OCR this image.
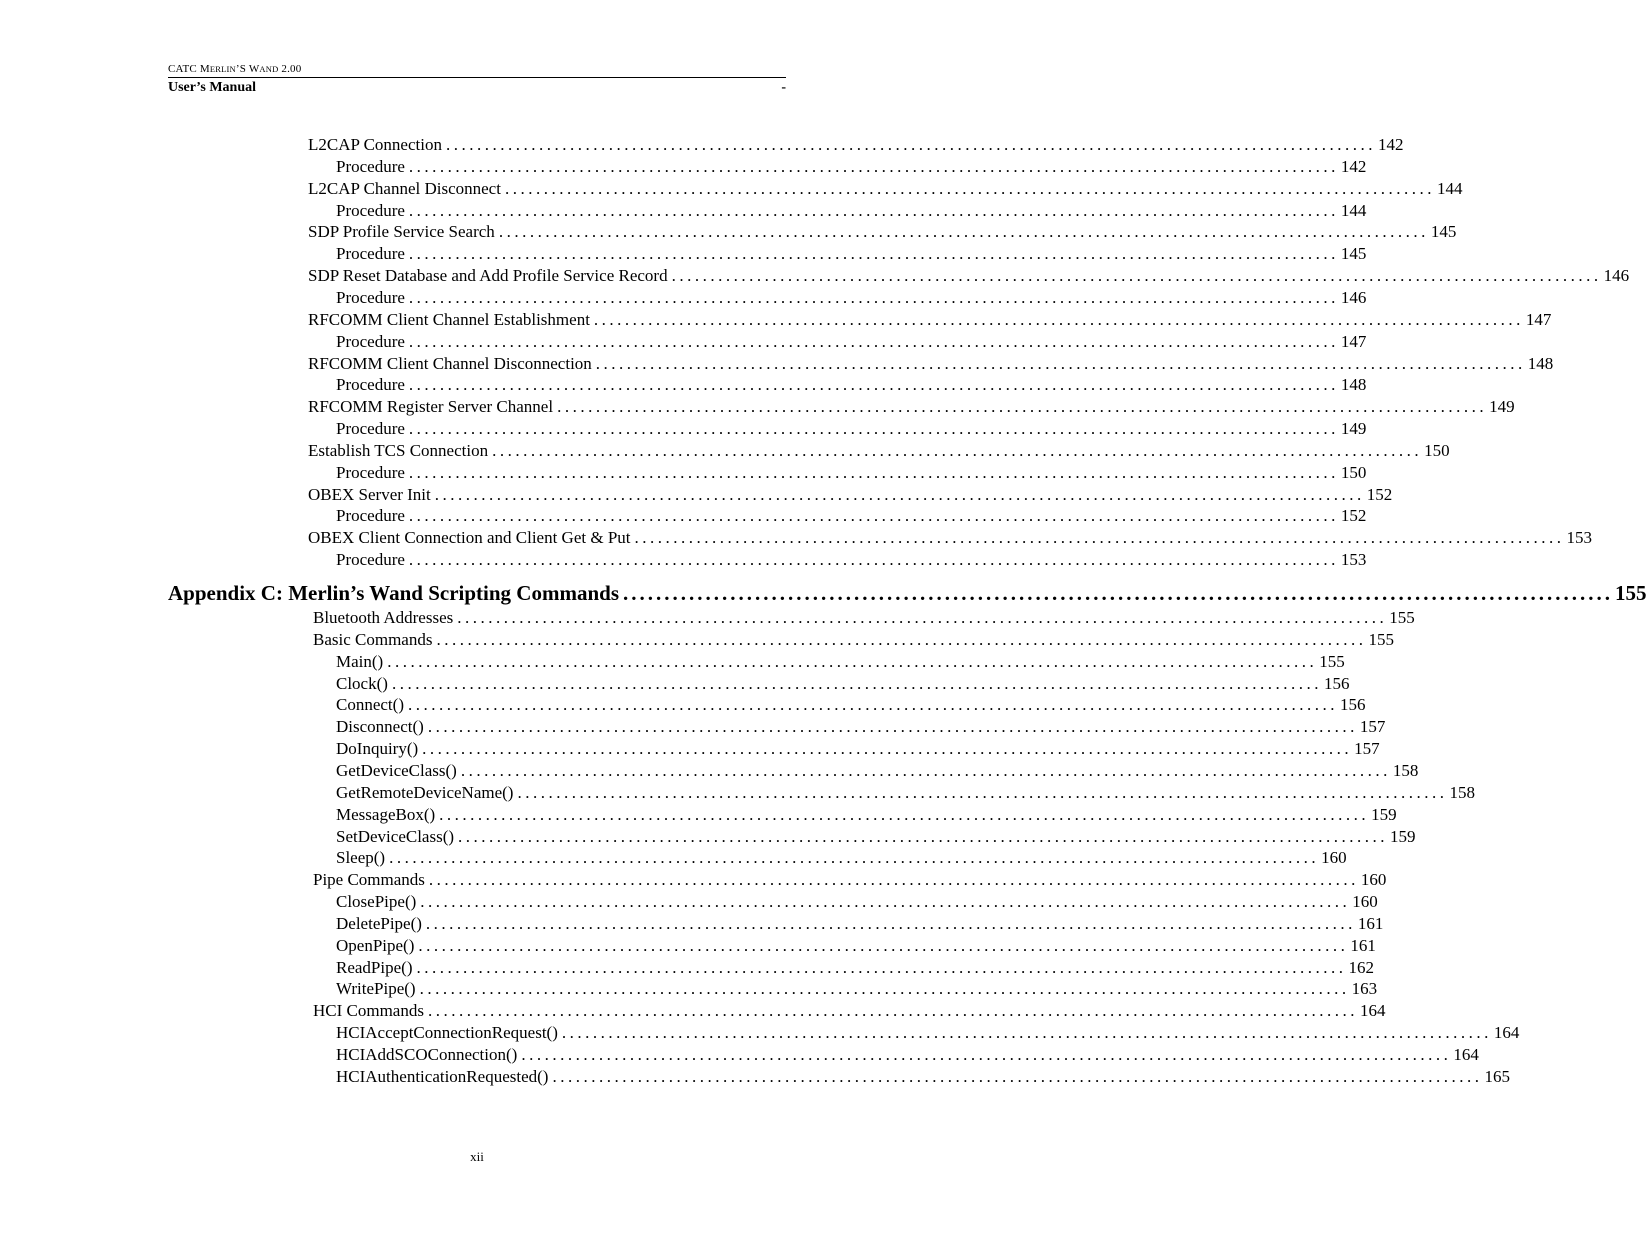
CATC MERLIN’S WAND 2.00
User’s Manual	-
L2CAP Connection ........................................................................................................................ 142
Procedure ........................................................................................................................ 142
L2CAP Channel Disconnect ........................................................................................................................ 144
Procedure ........................................................................................................................ 144
SDP Profile Service Search ........................................................................................................................ 145
Procedure ........................................................................................................................ 145
SDP Reset Database and Add Profile Service Record ........................................................................................................................ 146
Procedure ........................................................................................................................ 146
RFCOMM Client Channel Establishment ........................................................................................................................ 147
Procedure ........................................................................................................................ 147
RFCOMM Client Channel Disconnection ........................................................................................................................ 148
Procedure ........................................................................................................................ 148
RFCOMM Register Server Channel ........................................................................................................................ 149
Procedure ........................................................................................................................ 149
Establish TCS Connection ........................................................................................................................ 150
Procedure ........................................................................................................................ 150
OBEX Server Init ........................................................................................................................ 152
Procedure ........................................................................................................................ 152
OBEX Client Connection and Client Get & Put ........................................................................................................................ 153
Procedure ........................................................................................................................ 153
Appendix C: Merlin’s Wand Scripting Commands ........................................................................................................................ 155
Bluetooth Addresses ........................................................................................................................ 155
Basic Commands ........................................................................................................................ 155
Main() ........................................................................................................................ 155
Clock() ........................................................................................................................ 156
Connect() ........................................................................................................................ 156
Disconnect() ........................................................................................................................ 157
DoInquiry() ........................................................................................................................ 157
GetDeviceClass() ........................................................................................................................ 158
GetRemoteDeviceName() ........................................................................................................................ 158
MessageBox() ........................................................................................................................ 159
SetDeviceClass() ........................................................................................................................ 159
Sleep() ........................................................................................................................ 160
Pipe Commands ........................................................................................................................ 160
ClosePipe() ........................................................................................................................ 160
DeletePipe() ........................................................................................................................ 161
OpenPipe() ........................................................................................................................ 161
ReadPipe() ........................................................................................................................ 162
WritePipe() ........................................................................................................................ 163
HCI Commands ........................................................................................................................ 164
HCIAcceptConnectionRequest() ........................................................................................................................ 164
HCIAddSCOConnection() ........................................................................................................................ 164
HCIAuthenticationRequested() ........................................................................................................................ 165
xii
